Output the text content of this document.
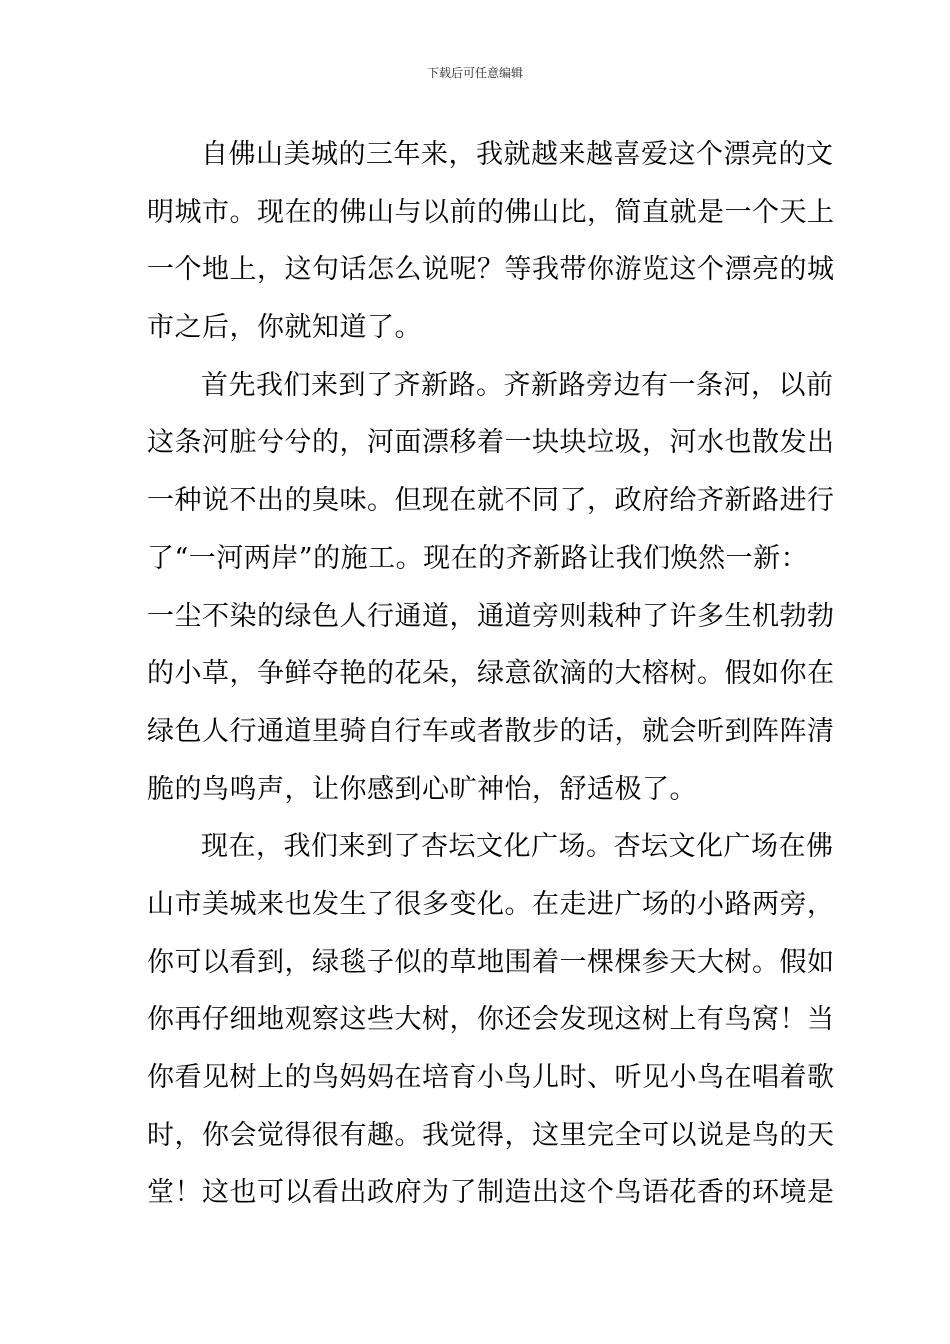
下载后可任意编辑
自佛山美城的三年来，我就越来越喜爱这个漂亮的文
明城市。现在的佛山与以前的佛山比，简直就是一个天上
一个地上，这句话怎么说呢？等我带你游览这个漂亮的城
市之后，你就知道了。
首先我们来到了齐新路。齐新路旁边有一条河，以前
这条河脏兮兮的，河面漂移着一块块垃圾，河水也散发出
一种说不出的臭味。但现在就不同了，政府给齐新路进行
了“一河两岸”的施工。现在的齐新路让我们焕然一新：
一尘不染的绿色人行通道，通道旁则栽种了许多生机勃勃
的小草，争鲜夺艳的花朵，绿意欲滴的大榕树。假如你在
绿色人行通道里骑自行车或者散步的话，就会听到阵阵清
脆的鸟鸣声，让你感到心旷神怡，舒适极了。
现在，我们来到了杏坛文化广场。杏坛文化广场在佛
山市美城来也发生了很多变化。在走进广场的小路两旁，
你可以看到，绿毯子似的草地围着一棵棵参天大树。假如
你再仔细地观察这些大树，你还会发现这树上有鸟窝！当
你看见树上的鸟妈妈在培育小鸟儿时、听见小鸟在唱着歌
时，你会觉得很有趣。我觉得，这里完全可以说是鸟的天
堂！这也可以看出政府为了制造出这个鸟语花香的环境是
